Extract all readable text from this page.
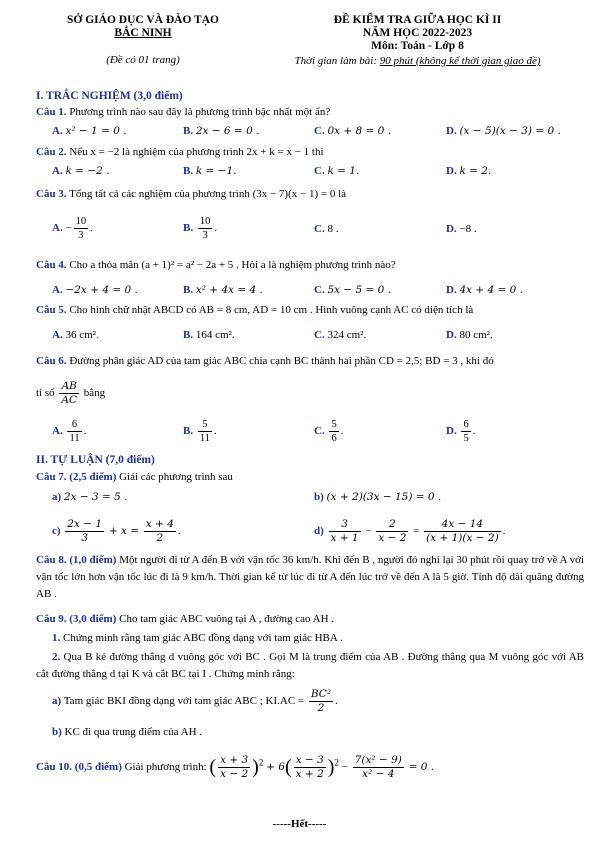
SỞ GIÁO DỤC VÀ ĐÀO TẠO
BẮC NINH
(Đề có 01 trang)
ĐỀ KIỂM TRA GIỮA HỌC KÌ II
NĂM HỌC 2022-2023
Môn: Toán - Lớp 8
Thời gian làm bài: 90 phút (không kể thời gian giao đề)
I. TRẮC NGHIỆM (3,0 điểm)
Câu 1. Phương trình nào sau đây là phương trình bậc nhất một ẩn?
A. x² − 1 = 0 .	B. 2x − 6 = 0 .	C. 0x + 8 = 0 .	D. (x − 5)(x − 3) = 0 .
Câu 2. Nếu x = −2 là nghiệm của phương trình 2x + k = x − 1 thì
A. k = −2 .	B. k = −1.	C. k = 1.	D. k = 2.
Câu 3. Tổng tất cả các nghiệm của phương trình (3x − 7)(x − 1) = 0 là
A. − $\frac{10}{3}$ .	B. $\frac{10}{3}$ .	C. 8 .	D. −8 .
Câu 4. Cho a thỏa mãn (a + 1)² = a² − 2a + 5 . Hỏi a là nghiệm phương trình nào?
A. −2x + 4 = 0 .	B. x² + 4x = 4 .	C. 5x − 5 = 0 .	D. 4x + 4 = 0 .
Câu 5. Cho hình chữ nhật ABCD có AB = 8 cm, AD = 10 cm . Hình vuông cạnh AC có diện tích là
A. 36 cm².	B. 164 cm².	C. 324 cm².	D. 80 cm².
Câu 6. Đường phân giác AD của tam giác ABC chia cạnh BC thành hai phần CD = 2,5; BD = 3 , khi đó
tỉ số $\frac{AB}{AC}$ bằng
A. $\frac{6}{11}$ .	B. $\frac{5}{11}$ .	C. $\frac{5}{6}$ .	D. $\frac{6}{5}$ .
II. TỰ LUẬN (7,0 điểm)
Câu 7. (2,5 điểm) Giải các phương trình sau
a) 2x − 3 = 5 .	b) (x + 2)(3x − 15) = 0 .
$c) \frac{2x - 1}{3} + x = \frac{x + 4}{2}$ .	$d) \frac{3}{x + 1} - \frac{2}{x - 2} = \frac{4x - 14}{(x + 1)(x - 2)}$ .
Câu 8. (1,0 điểm) Một người đi từ A đến B với vận tốc 36 km/h. Khi đến B , người đó nghỉ lại 30 phút rồi quay trở về A với vận tốc lớn hơn vận tốc lúc đi là 9 km/h. Thời gian kể từ lúc đi từ A đến lúc trở về đến A là 5 giờ. Tính độ dài quãng đường AB .
Câu 9. (3,0 điểm) Cho tam giác ABC vuông tại A , đường cao AH .
1. Chứng minh rằng tam giác ABC đồng dạng với tam giác HBA .
2. Qua B kẻ đường thẳng d vuông góc với BC . Gọi M là trung điểm của AB . Đường thẳng qua M vuông góc với AB cắt đường thẳng d tại K và cắt BC tại I . Chứng minh rằng:
a) Tam giác BKI đồng dạng với tam giác ABC ; $KI.AC = \frac{\text{BC²}}{2}$ .
b) KC đi qua trung điểm của AH .
Câu 10. (0,5 điểm) Giải phương trình: ( $\frac{x + 3}{x - 2} )^2 + 6( \frac{x - 3}{x + 2} )^2 - \frac{\text{7(x² − 9)}}{\text{x² − 4}} = 0$ .
-----Hết-----
